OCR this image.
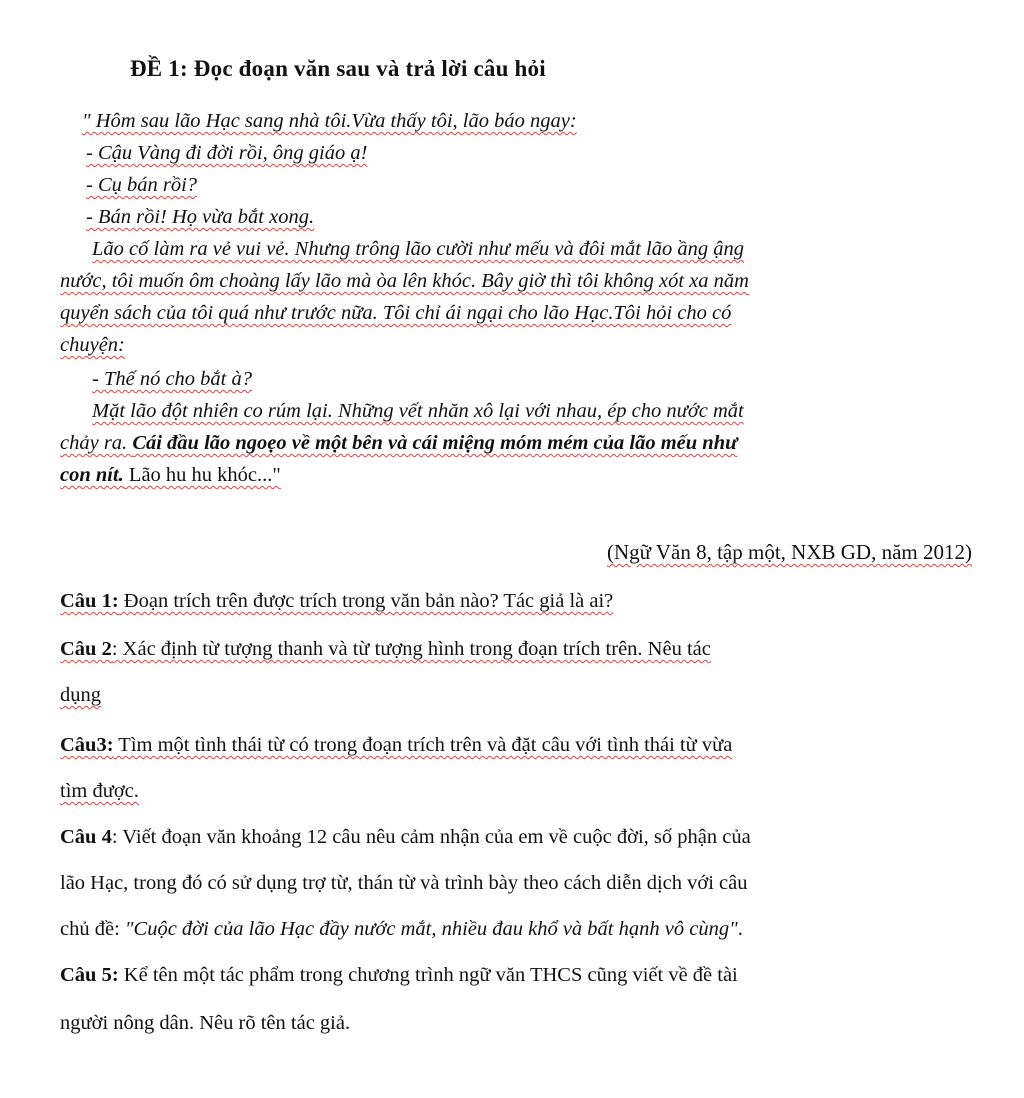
ĐỀ 1: Đọc đoạn văn sau và trả lời câu hỏi
" Hôm sau lão Hạc sang nhà tôi.Vừa thấy tôi, lão báo ngay:
- Cậu Vàng đi đời rồi, ông giáo ạ!
- Cụ bán rồi?
- Bán rồi! Họ vừa bắt xong.
Lão cố làm ra vẻ vui vẻ. Nhưng trông lão cười như mếu và đôi mắt lão ầng ậng
nước, tôi muốn ôm choàng lấy lão mà òa lên khóc. Bây giờ thì tôi không xót xa năm
quyển sách của tôi quá như trước nữa. Tôi chỉ ái ngại cho lão Hạc.Tôi hỏi cho có
chuyện:
- Thế nó cho bắt à?
Mặt lão đột nhiên co rúm lại. Những vết nhăn xô lại với nhau, ép cho nước mắt
chảy ra. Cái đầu lão ngoẹo về một bên và cái miệng móm mém của lão mếu như
con nít. Lão hu hu khóc..."
(Ngữ Văn 8, tập một, NXB GD, năm 2012)
Câu 1: Đoạn trích trên được trích trong văn bản nào? Tác giả là ai?
Câu 2: Xác định từ tượng thanh và từ tượng hình trong đoạn trích trên. Nêu tác
dụng
Câu3: Tìm một tình thái từ có trong đoạn trích trên và đặt câu với tình thái từ vừa
tìm được.
Câu 4: Viết đoạn văn khoảng 12 câu nêu cảm nhận của em về cuộc đời, số phận của
lão Hạc, trong đó có sử dụng trợ từ, thán từ và trình bày theo cách diễn dịch với câu
chủ đề: "Cuộc đời của lão Hạc đầy nước mắt, nhiều đau khổ và bất hạnh vô cùng".
Câu 5: Kể tên một tác phẩm trong chương trình ngữ văn THCS cũng viết về đề tài
người nông dân. Nêu rõ tên tác giả.
